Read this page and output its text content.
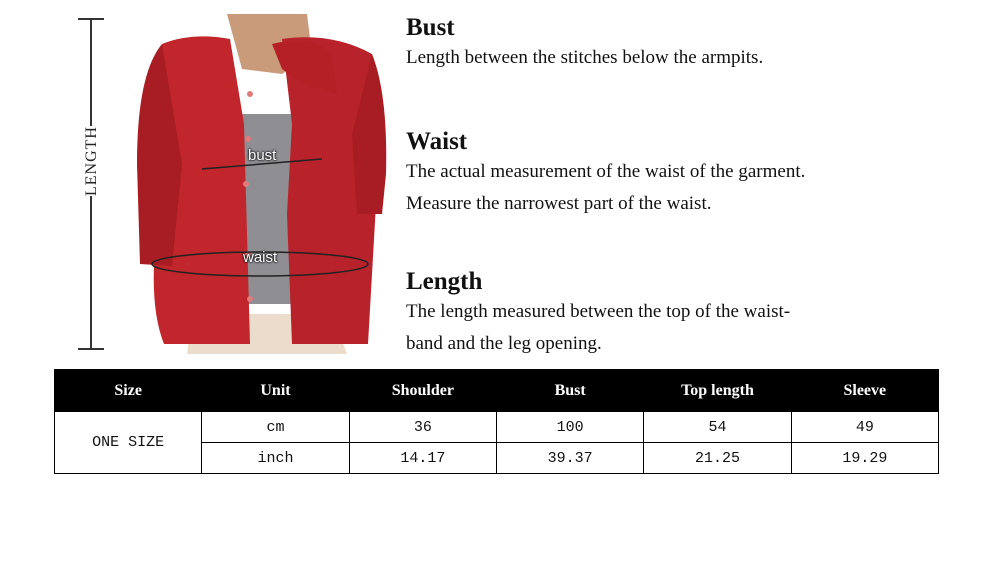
LENGTH	bust
waist
Bust

Length between the stitches below the armpits.

Waist

The actual measurement of the waist of the garment.

Measure the narrowest part of the waist.

Length

The length measured between the top of the waist-

band and the leg opening.

Size	Unit	Shoulder	Bust	Top length	Sleeve
ONE SIZE	cm	36	100	54	49
	inch	14.17	39.37	21.25	19.29
